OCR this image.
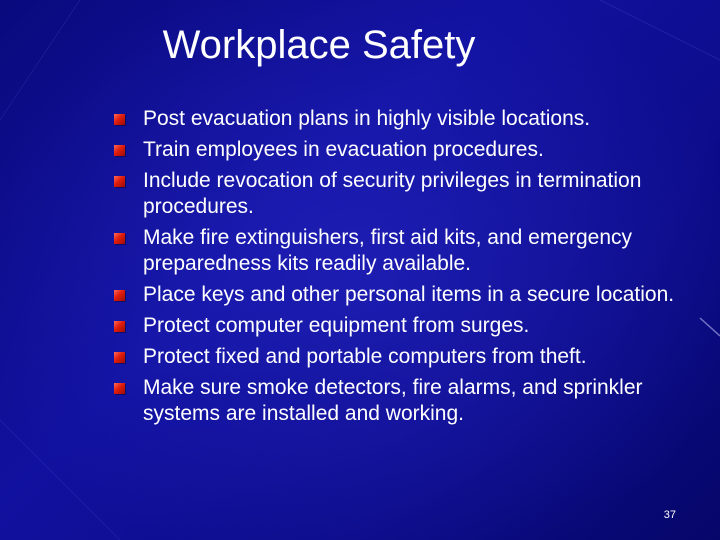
Workplace Safety
Post evacuation plans in highly visible locations.
Train employees in evacuation procedures.
Include revocation of security privileges in termination procedures.
Make fire extinguishers, first aid kits, and emergency preparedness kits readily available.
Place keys and other personal items in a secure location.
Protect computer equipment from surges.
Protect fixed and portable computers from theft.
Make sure smoke detectors, fire alarms, and sprinkler systems are installed and working.
37
